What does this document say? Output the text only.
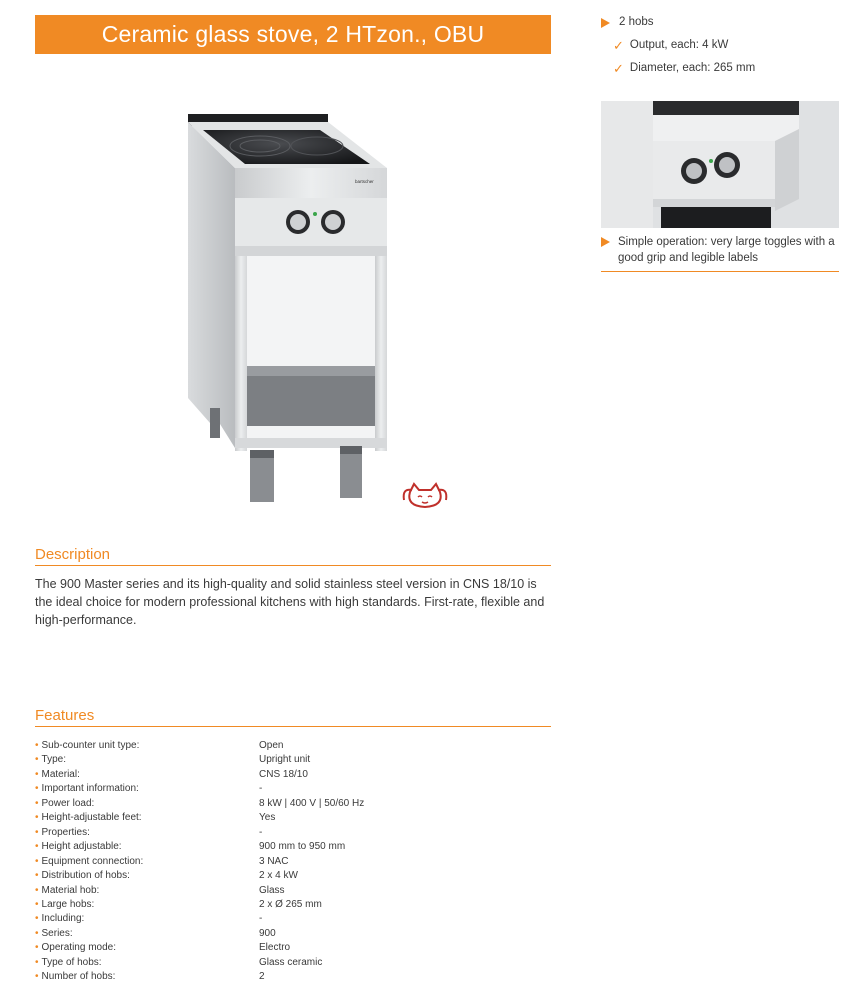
Ceramic glass stove, 2 HTzon., OBU
bartscher
2 hobs
✓ Output, each: 4 kW
✓ Diameter, each: 265 mm
Simple operation: very large toggles with a
good grip and legible labels
Description
The 900 Master series and its high-quality and solid stainless steel version in CNS 18/10 is the ideal choice for modern professional kitchens with high standards. First-rate, flexible and high-performance.
Features
• Sub-counter unit type:	Open
• Type:	Upright unit
• Material:	CNS 18/10
• Important information:	-
• Power load:	8 kW | 400 V | 50/60 Hz
• Height-adjustable feet:	Yes
• Properties:	-
• Height adjustable:	900 mm to 950 mm
• Equipment connection:	3 NAC
• Distribution of hobs:	2 x 4 kW
• Material hob:	Glass
• Large hobs:	2 x Ø 265 mm
• Including:	-
• Series:	900
• Operating mode:	Electro
• Type of hobs:	Glass ceramic
• Number of hobs:	2
